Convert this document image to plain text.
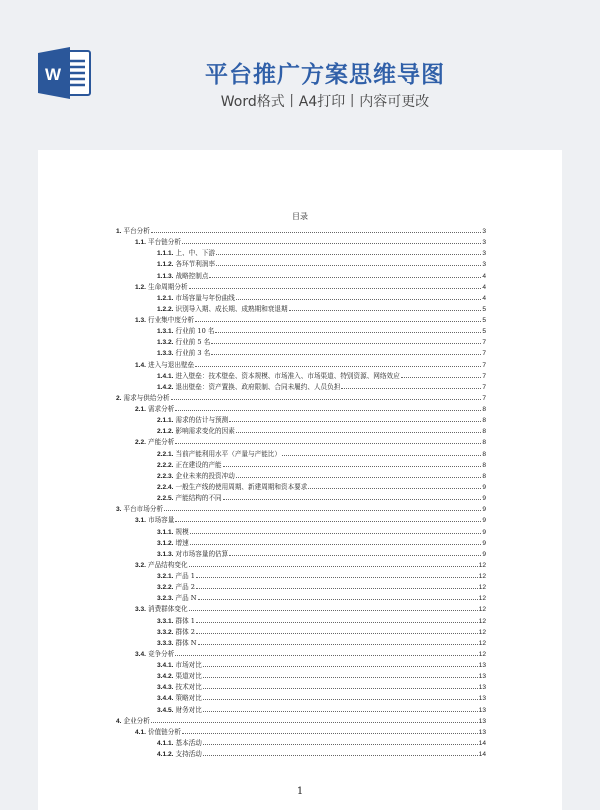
W	平台推广方案思维导图
Word格式丨A4打印丨内容可更改
目录
1. 平台分析	3
1.1. 平台链分析	3
1.1.1. 上、中、下游	3
1.1.2. 各环节利润率	3
1.1.3. 战略控制点	4
1.2. 生命周期分析	4
1.2.1. 市场容量与年份曲线	4
1.2.2. 识别导入期、成长期、成熟期和衰退期	5
1.3. 行业集中度分析	5
1.3.1. 行业前 10 名	5
1.3.2. 行业前 5 名	7
1.3.3. 行业前 3 名	7
1.4. 进入与退出壁垒	7
1.4.1. 进入壁垒：技术壁垒、资本规模、市场准入、市场渠道、特别资源、网络效应	7
1.4.2. 退出壁垒：资产置换、政府限制、合同未履约、人员负担	7
2. 需求与供给分析	7
2.1. 需求分析	8
2.1.1. 需求的估计与预测	8
2.1.2. 影响需求变化的因素	8
2.2. 产能分析	8
2.2.1. 当前产能利用水平（产量与产能比）	8
2.2.2. 正在建设的产能	8
2.2.3. 企业未来的投资冲动	8
2.2.4. 一般生产线的使用周期、新建周期和资本要求	9
2.2.5. 产能结构的不同	9
3. 平台市场分析	9
3.1. 市场容量	9
3.1.1. 规模	9
3.1.2. 增速	9
3.1.3. 对市场容量的估算	9
3.2. 产品结构变化	12
3.2.1. 产品 1	12
3.2.2. 产品 2	12
3.2.3. 产品 N	12
3.3. 消费群体变化	12
3.3.1. 群体 1	12
3.3.2. 群体 2	12
3.3.3. 群体 N	12
3.4. 竞争分析	12
3.4.1. 市场对比	13
3.4.2. 渠道对比	13
3.4.3. 技术对比	13
3.4.4. 策略对比	13
3.4.5. 财务对比	13
4. 企业分析	13
4.1. 价值链分析	13
4.1.1. 基本活动	14
4.1.2. 支持活动	14
1
